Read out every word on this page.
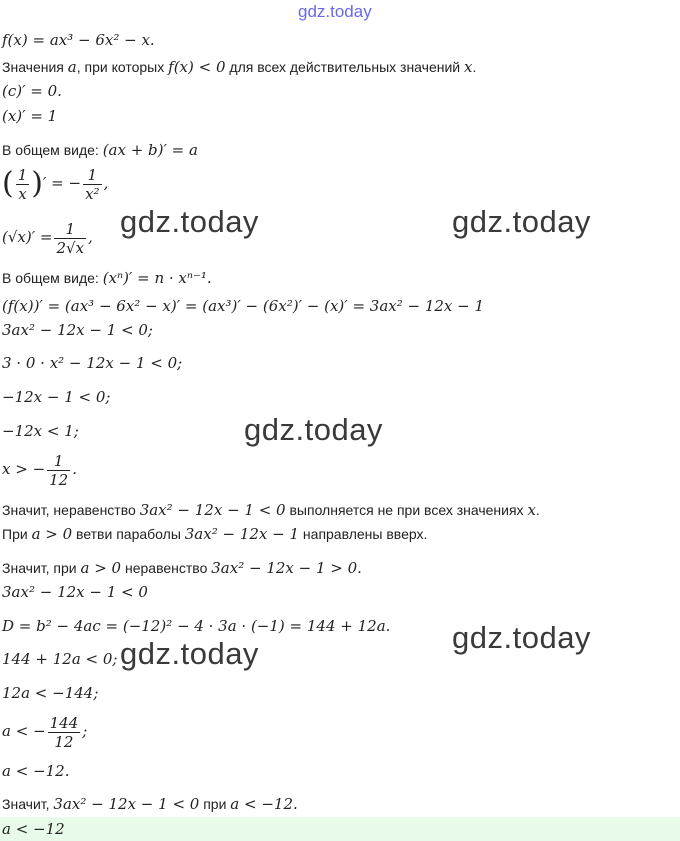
gdz.today
f(x) = ax³ − 6x² − x.
Значения a, при которых f(x) < 0 для всех действительных значений x.
(c)′ = 0.
(x)′ = 1
В общем виде: (ax + b)′ = a
( $\frac{1}{x}$ )′ = − $\frac{1}{\text{x²}}$ ,
$(√x)' = \frac{1}{2√x}$ ,
В общем виде: (xⁿ)′ = n · xⁿ⁻¹.
(f(x))′ = (ax³ − 6x² − x)′ = (ax³)′ − (6x²)′ − (x)′ = 3ax² − 12x − 1
3ax² − 12x − 1 < 0;
3 · 0 · x² − 12x − 1 < 0;
−12x − 1 < 0;
−12x < 1;
x > − $\frac{1}{12}$ .
Значит, неравенство 3ax² − 12x − 1 < 0 выполняется не при всех значениях x.
При a > 0 ветви параболы 3ax² − 12x − 1 направлены вверх.
Значит, при a > 0 неравенство 3ax² − 12x − 1 > 0.
3ax² − 12x − 1 < 0
D = b² − 4ac = (−12)² − 4 · 3a · (−1) = 144 + 12a.
144 + 12a < 0;
12a < −144;
a < − $\frac{144}{12}$ ;
a < −12.
Значит, 3ax² − 12x − 1 < 0 при a < −12.
a < −12
gdz.today	gdz.today
gdz.today
gdz.today
gdz.today
